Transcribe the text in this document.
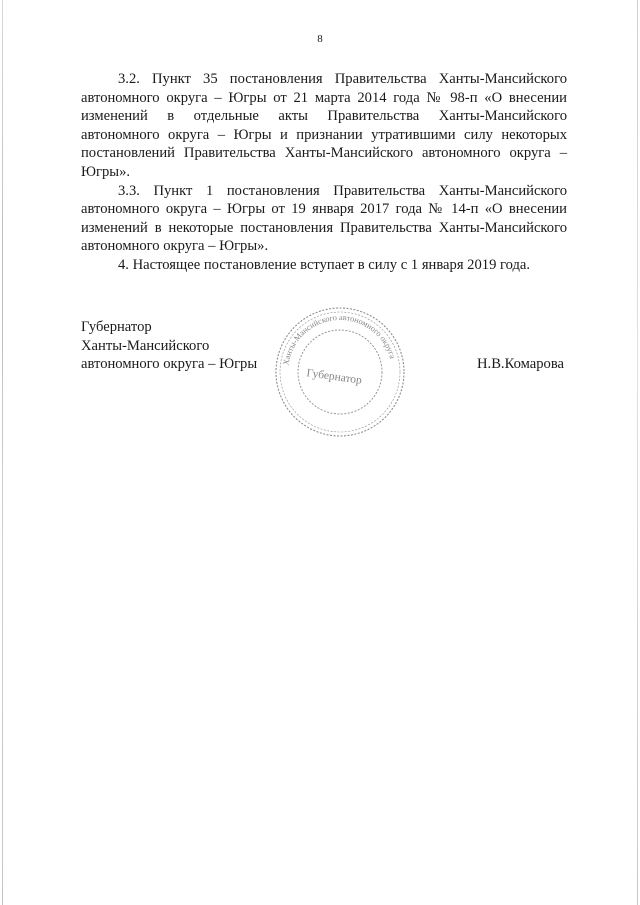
8

3.2. Пункт 35 постановления Правительства Ханты-Мансийского автономного округа – Югры от 21 марта 2014 года № 98-п «О внесении изменений в отдельные акты Правительства Ханты-Мансийского автономного округа – Югры и признании утратившими силу некоторых постановлений Правительства Ханты-Мансийского автономного округа – Югры».

3.3. Пункт 1 постановления Правительства Ханты-Мансийского автономного округа – Югры от 19 января 2017 года № 14-п «О внесении изменений в некоторые постановления Правительства Ханты-Мансийского автономного округа – Югры».

4. Настоящее постановление вступает в силу с 1 января 2019 года.

Губернатор
Ханты-Мансийского
автономного округа – Югры	Ханты-Мансийского автономного округа
Губернатор
Н.В.Комарова
